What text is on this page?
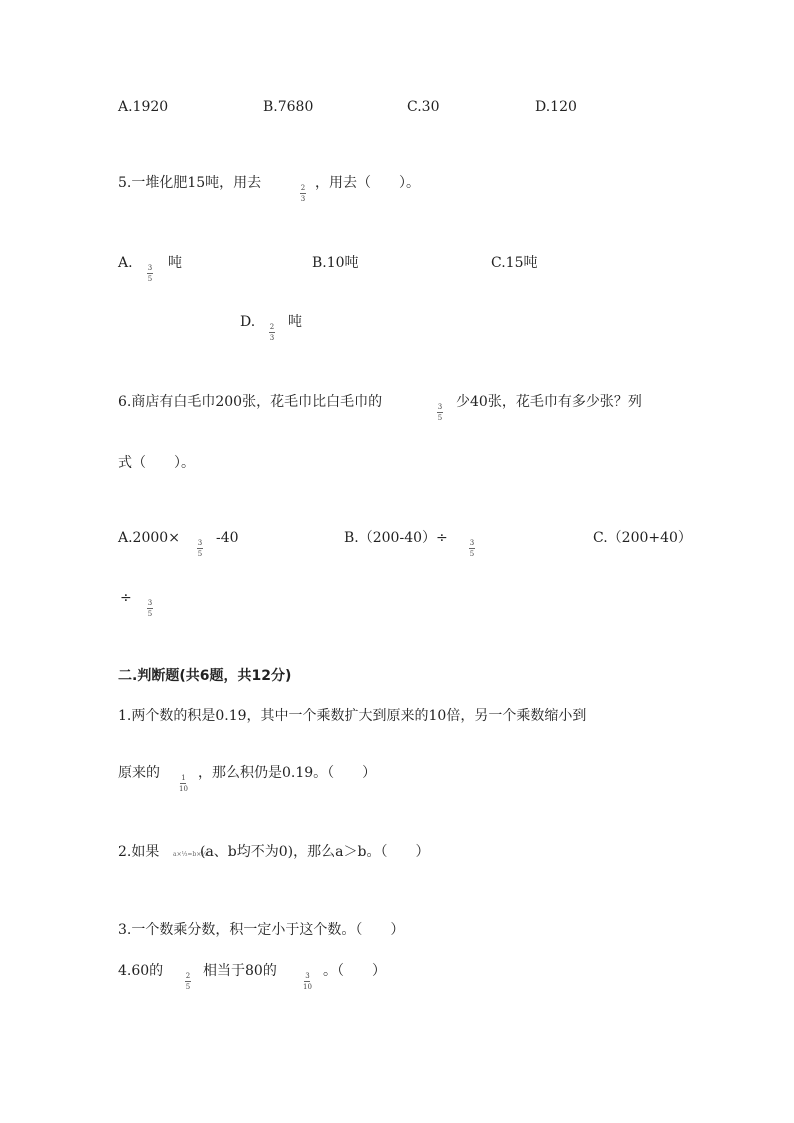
A.1920	B.7680	C.30	D.120
5.一堆化肥15吨，用去	2
3
，用去（　　）。
A. 3
5
吨	B.10吨	C.15吨
D. 2
3
吨
6.商店有白毛巾200张，花毛巾比白毛巾的	3
5
少40张，花毛巾有多少张？列
式（　　）。
A.2000×	3
5
-40	B.（200-40）÷	3
5
C.（200+40）
÷ 3
5
二.判断题(共6题，共12分)
1.两个数的积是0.19，其中一个乘数扩大到原来的10倍，另一个乘数缩小到
原来的	1
10
，那么积仍是0.19。（　　）
2.如果 a×⅓=b×¼
(a、b均不为0)，那么a＞b。（　　）
3.一个数乘分数，积一定小于这个数。（　　）
4.60的	2
5
相当于80的	3
10
。（　　）
